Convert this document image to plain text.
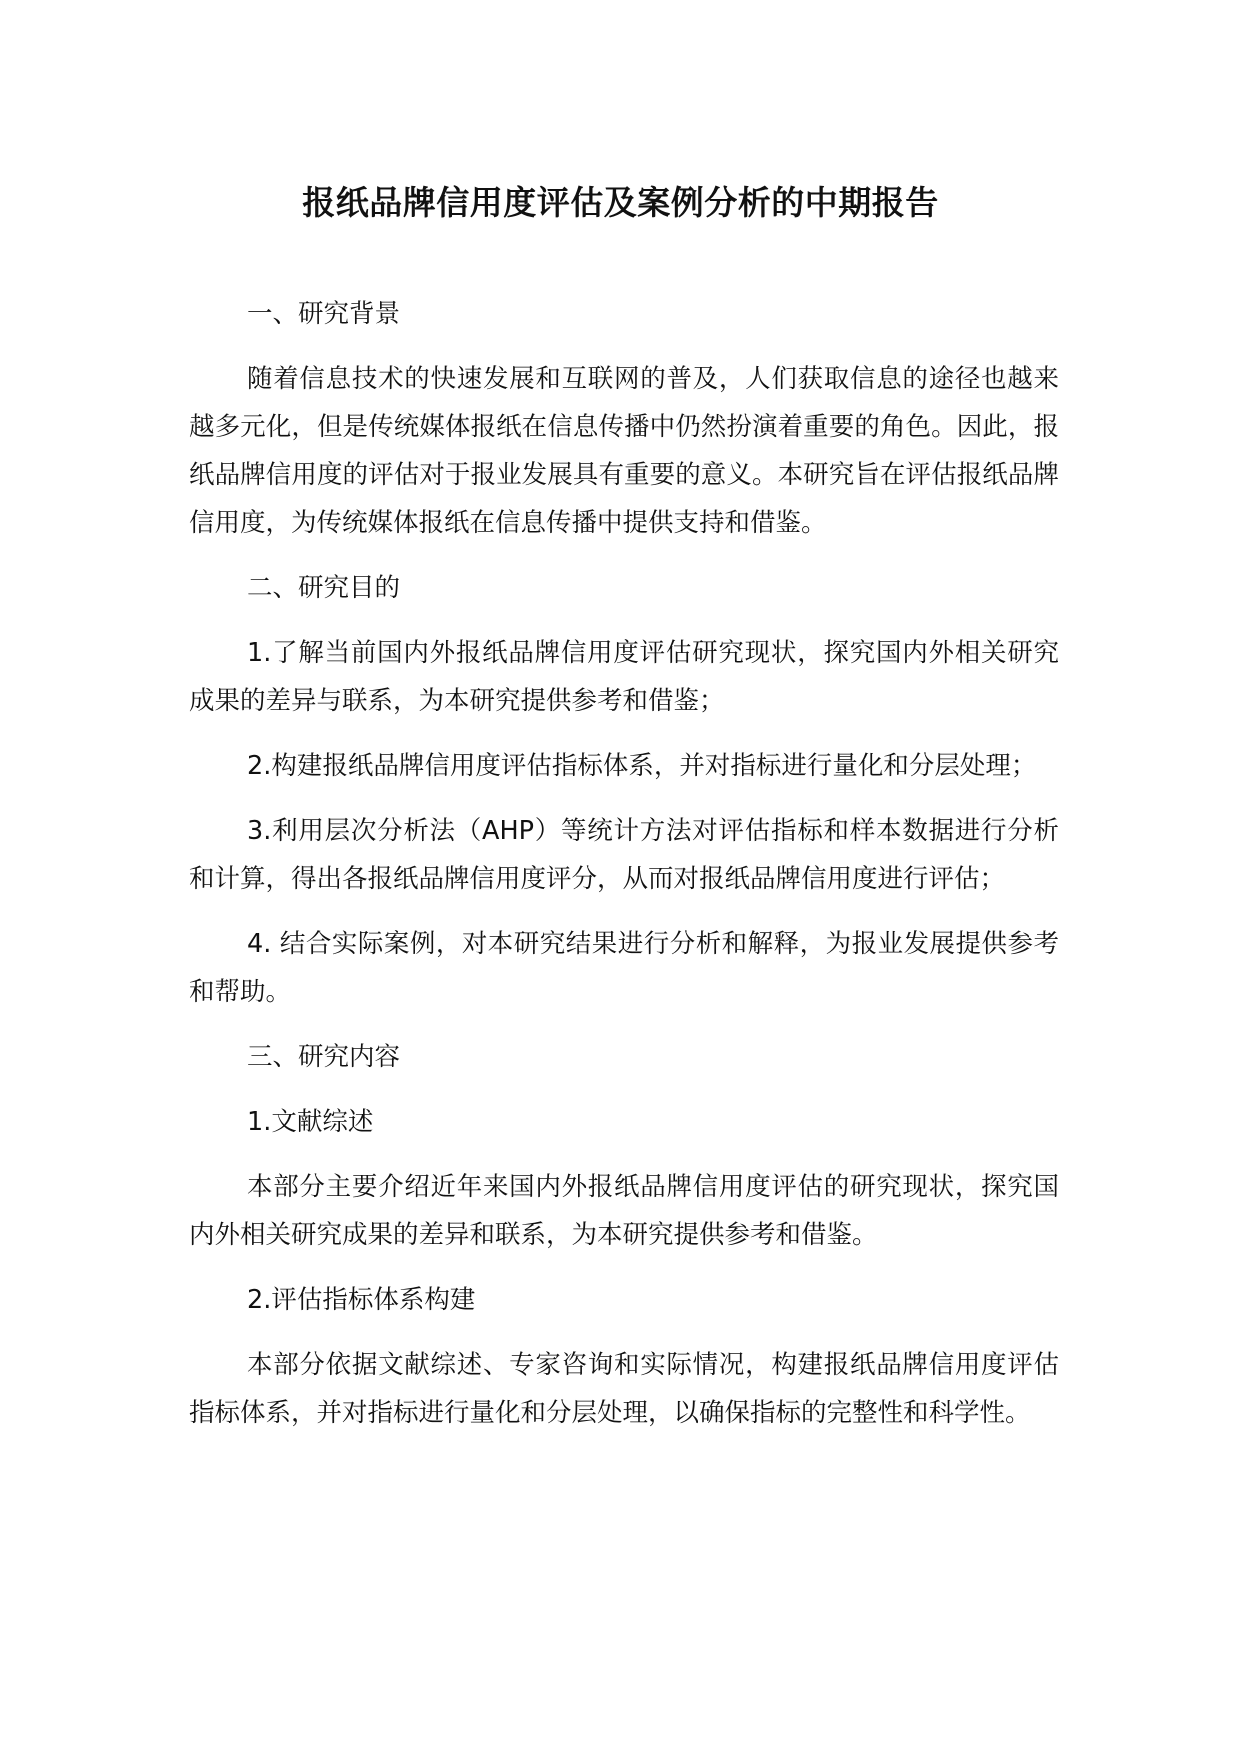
报纸品牌信用度评估及案例分析的中期报告

一、研究背景

随着信息技术的快速发展和互联网的普及，人们获取信息的途径也越来越多元化，但是传统媒体报纸在信息传播中仍然扮演着重要的角色。因此，报纸品牌信用度的评估对于报业发展具有重要的意义。本研究旨在评估报纸品牌信用度，为传统媒体报纸在信息传播中提供支持和借鉴。

二、研究目的

1.了解当前国内外报纸品牌信用度评估研究现状，探究国内外相关研究成果的差异与联系，为本研究提供参考和借鉴；

2.构建报纸品牌信用度评估指标体系，并对指标进行量化和分层处理；

3.利用层次分析法（AHP）等统计方法对评估指标和样本数据进行分析和计算，得出各报纸品牌信用度评分，从而对报纸品牌信用度进行评估；

4. 结合实际案例，对本研究结果进行分析和解释，为报业发展提供参考和帮助。

三、研究内容

1.文献综述

本部分主要介绍近年来国内外报纸品牌信用度评估的研究现状，探究国内外相关研究成果的差异和联系，为本研究提供参考和借鉴。

2.评估指标体系构建

本部分依据文献综述、专家咨询和实际情况，构建报纸品牌信用度评估指标体系，并对指标进行量化和分层处理，以确保指标的完整性和科学性。
